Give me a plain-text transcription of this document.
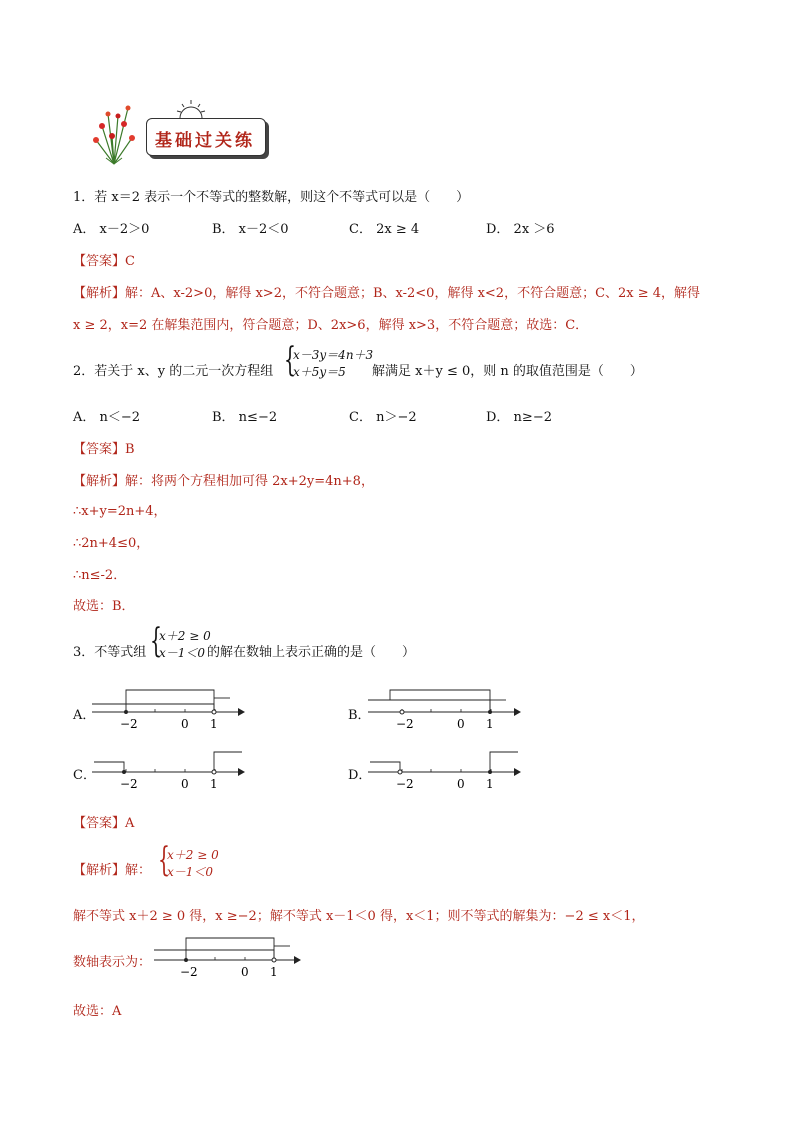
基础过关练
1．若 x＝2 表示一个不等式的整数解，则这个不等式可以是（　　）
A． x－2＞0	B． x－2＜0	C． 2x ≥ 4	D． 2x ＞6
【答案】C
【解析】解：A、x-2>0，解得 x>2，不符合题意；B、x-2<0，解得 x<2，不符合题意；C、2x ≥ 4，解得
x ≥ 2，x=2 在解集范围内，符合题意；D、2x>6，解得 x>3，不符合题意；故选：C．
2．若关于 x、y 的二元一次方程组 {
x－3y＝4n＋3
x＋5y＝5 解满足 x＋y ≤ 0，则 n 的取值范围是（　　）
A． n＜−2	B． n≤−2	C． n＞−2	D． n≥−2
【答案】B
【解析】解：将两个方程相加可得 2x+2y=4n+8，
∴x+y=2n+4，
∴2n+4≤0，
∴n≤-2．
故选：B．
3．不等式组 {
x＋2 ≥ 0
x－1＜0 的解在数轴上表示正确的是（　　）
A．
−2	0 1
B．
−2	0 1
C．
−2	0 1
D．
−2	0 1
【答案】A
【解析】解： {
x＋2 ≥ 0
x－1＜0
解不等式 x＋2 ≥ 0 得，x ≥−2；解不等式 x－1＜0 得，x＜1；则不等式的解集为：−2 ≤ x＜1，
数轴表示为：
−2	0 1
故选：A
